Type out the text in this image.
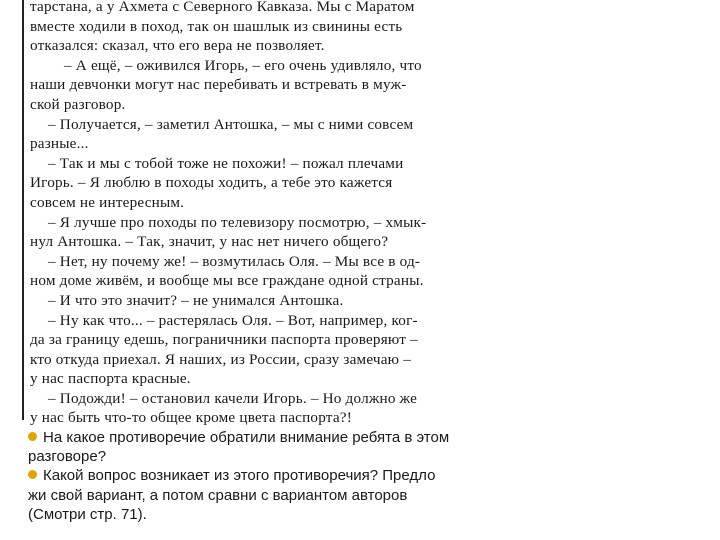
тарстана, а у Ахмета с Северного Кавказа. Мы с Маратом
вместе ходили в поход, так он шашлык из свинины есть
отказался: сказал, что его вера не позволяет.
– А ещё, – оживился Игорь, – его очень удивляло, что
наши девчонки могут нас перебивать и встревать в муж-
ской разговор.
– Получается, – заметил Антошка, – мы с ними совсем
разные...
– Так и мы с тобой тоже не похожи! – пожал плечами
Игорь. – Я люблю в походы ходить, а тебе это кажется
совсем не интересным.
– Я лучше про походы по телевизору посмотрю, – хмык-
нул Антошка. – Так, значит, у нас нет ничего общего?
– Нет, ну почему же! – возмутилась Оля. – Мы все в од-
ном доме живём, и вообще мы все граждане одной страны.
– И что это значит? – не унимался Антошка.
– Ну как что... – растерялась Оля. – Вот, например, ког-
да за границу едешь, пограничники паспорта проверяют –
кто откуда приехал. Я наших, из России, сразу замечаю –
у нас паспорта красные.
– Подожди! – остановил качели Игорь. – Но должно же
у нас быть что-то общее кроме цвета паспорта?!
На какое противоречие обратили внимание ребята в этом
разговоре?
Какой вопрос возникает из этого противоречия? Предло
жи свой вариант, а потом сравни с вариантом авторов
(Смотри стр. 71).
